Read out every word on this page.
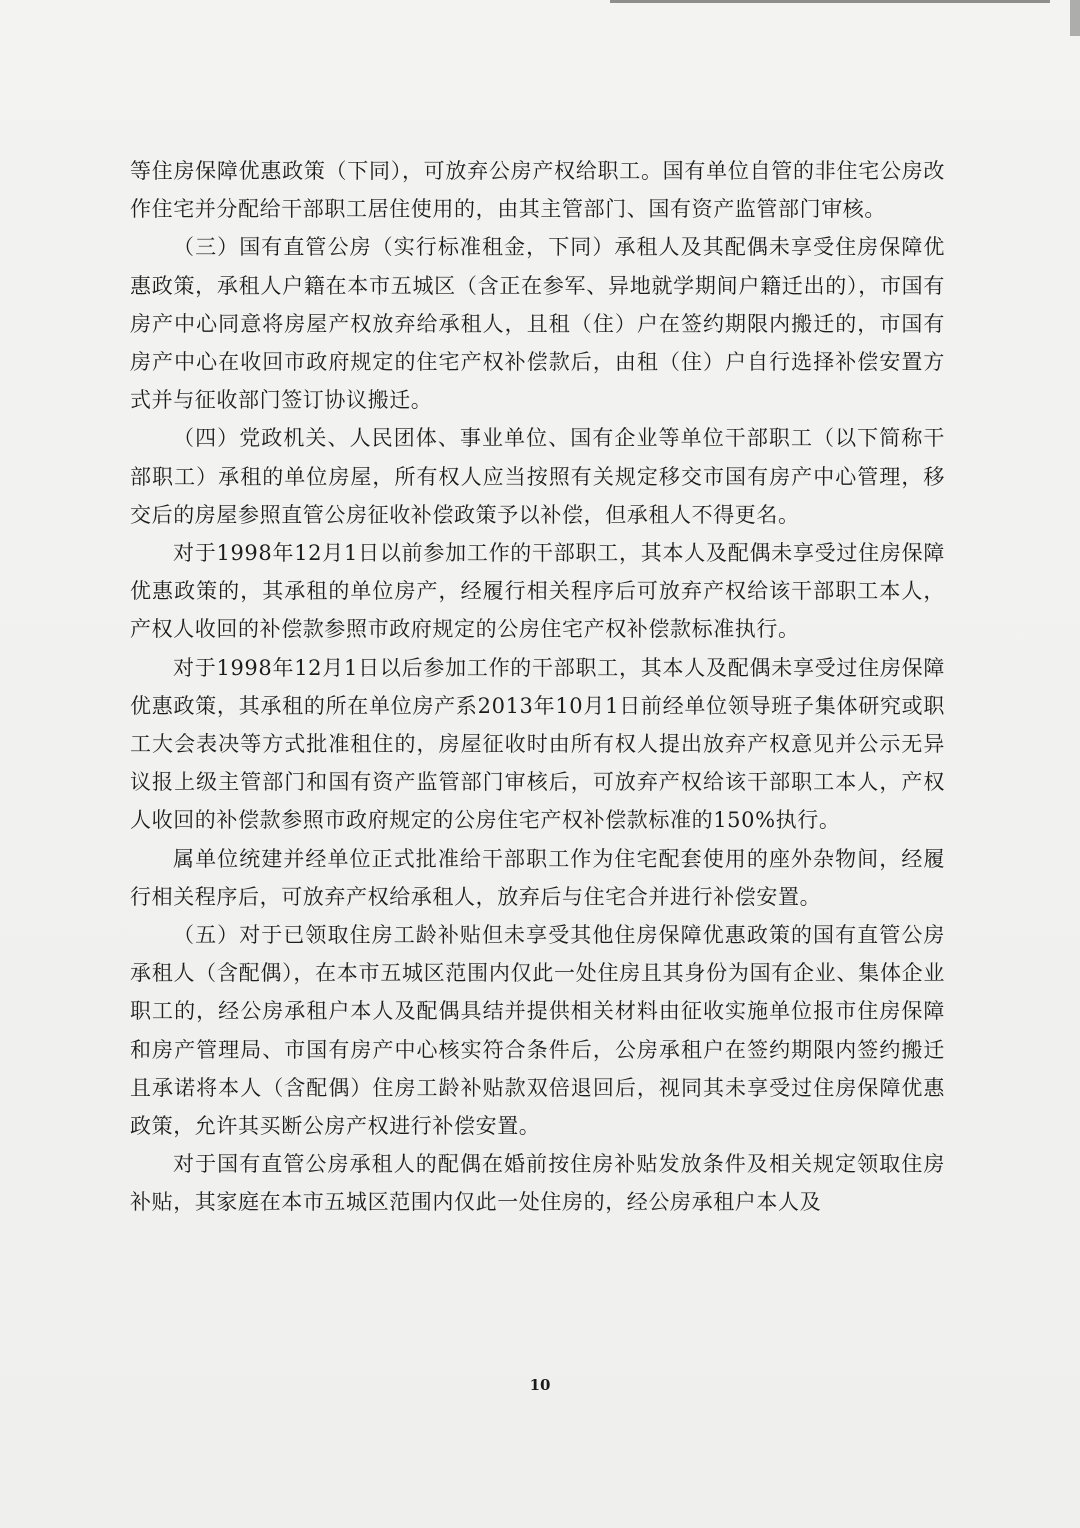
等住房保障优惠政策（下同），可放弃公房产权给职工。国有单位自管的非住宅公房改作住宅并分配给干部职工居住使用的，由其主管部门、国有资产监管部门审核。

（三）国有直管公房（实行标准租金，下同）承租人及其配偶未享受住房保障优惠政策，承租人户籍在本市五城区（含正在参军、异地就学期间户籍迁出的），市国有房产中心同意将房屋产权放弃给承租人，且租（住）户在签约期限内搬迁的，市国有房产中心在收回市政府规定的住宅产权补偿款后，由租（住）户自行选择补偿安置方式并与征收部门签订协议搬迁。

（四）党政机关、人民团体、事业单位、国有企业等单位干部职工（以下简称干部职工）承租的单位房屋，所有权人应当按照有关规定移交市国有房产中心管理，移交后的房屋参照直管公房征收补偿政策予以补偿，但承租人不得更名。

对于1998年12月1日以前参加工作的干部职工，其本人及配偶未享受过住房保障优惠政策的，其承租的单位房产，经履行相关程序后可放弃产权给该干部职工本人，产权人收回的补偿款参照市政府规定的公房住宅产权补偿款标准执行。

对于1998年12月1日以后参加工作的干部职工，其本人及配偶未享受过住房保障优惠政策，其承租的所在单位房产系2013年10月1日前经单位领导班子集体研究或职工大会表决等方式批准租住的，房屋征收时由所有权人提出放弃产权意见并公示无异议报上级主管部门和国有资产监管部门审核后，可放弃产权给该干部职工本人，产权人收回的补偿款参照市政府规定的公房住宅产权补偿款标准的150%执行。

属单位统建并经单位正式批准给干部职工作为住宅配套使用的座外杂物间，经履行相关程序后，可放弃产权给承租人，放弃后与住宅合并进行补偿安置。

（五）对于已领取住房工龄补贴但未享受其他住房保障优惠政策的国有直管公房承租人（含配偶），在本市五城区范围内仅此一处住房且其身份为国有企业、集体企业职工的，经公房承租户本人及配偶具结并提供相关材料由征收实施单位报市住房保障和房产管理局、市国有房产中心核实符合条件后，公房承租户在签约期限内签约搬迁且承诺将本人（含配偶）住房工龄补贴款双倍退回后，视同其未享受过住房保障优惠政策，允许其买断公房产权进行补偿安置。

对于国有直管公房承租人的配偶在婚前按住房补贴发放条件及相关规定领取住房补贴，其家庭在本市五城区范围内仅此一处住房的，经公房承租户本人及

10
